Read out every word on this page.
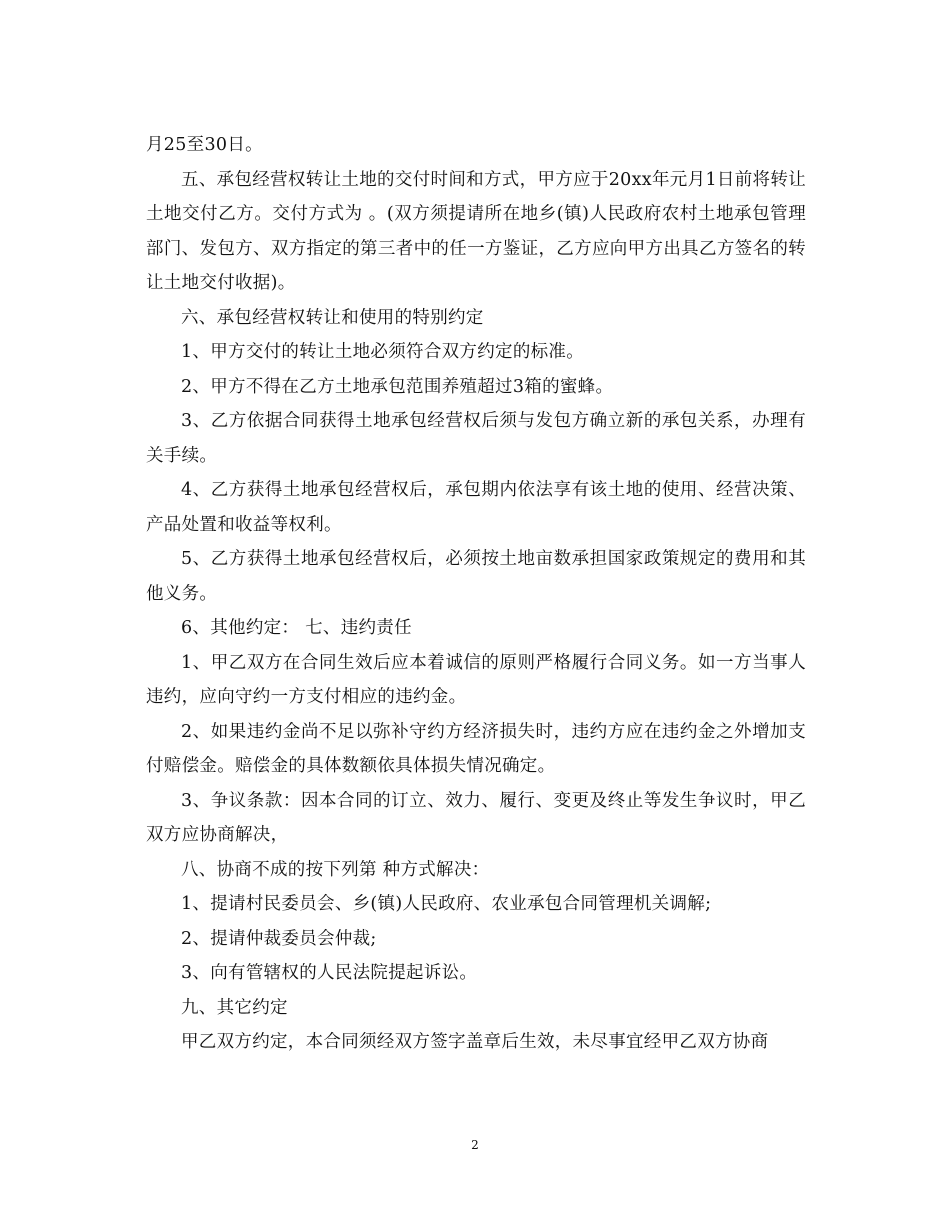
月25至30日。

五、承包经营权转让土地的交付时间和方式，甲方应于20xx年元月1日前将转让土地交付乙方。交付方式为 。(双方须提请所在地乡(镇)人民政府农村土地承包管理部门、发包方、双方指定的第三者中的任一方鉴证，乙方应向甲方出具乙方签名的转让土地交付收据)。

六、承包经营权转让和使用的特别约定

1、甲方交付的转让土地必须符合双方约定的标准。

2、甲方不得在乙方土地承包范围养殖超过3箱的蜜蜂。

3、乙方依据合同获得土地承包经营权后须与发包方确立新的承包关系，办理有关手续。

4、乙方获得土地承包经营权后，承包期内依法享有该土地的使用、经营决策、产品处置和收益等权利。

5、乙方获得土地承包经营权后，必须按土地亩数承担国家政策规定的费用和其他义务。

6、其他约定： 七、违约责任

1、甲乙双方在合同生效后应本着诚信的原则严格履行合同义务。如一方当事人违约，应向守约一方支付相应的违约金。

2、如果违约金尚不足以弥补守约方经济损失时，违约方应在违约金之外增加支付赔偿金。赔偿金的具体数额依具体损失情况确定。

3、争议条款：因本合同的订立、效力、履行、变更及终止等发生争议时，甲乙双方应协商解决，

八、协商不成的按下列第 种方式解决：

1、提请村民委员会、乡(镇)人民政府、农业承包合同管理机关调解;

2、提请仲裁委员会仲裁;

3、向有管辖权的人民法院提起诉讼。

九、其它约定

甲乙双方约定，本合同须经双方签字盖章后生效，未尽事宜经甲乙双方协商

2
